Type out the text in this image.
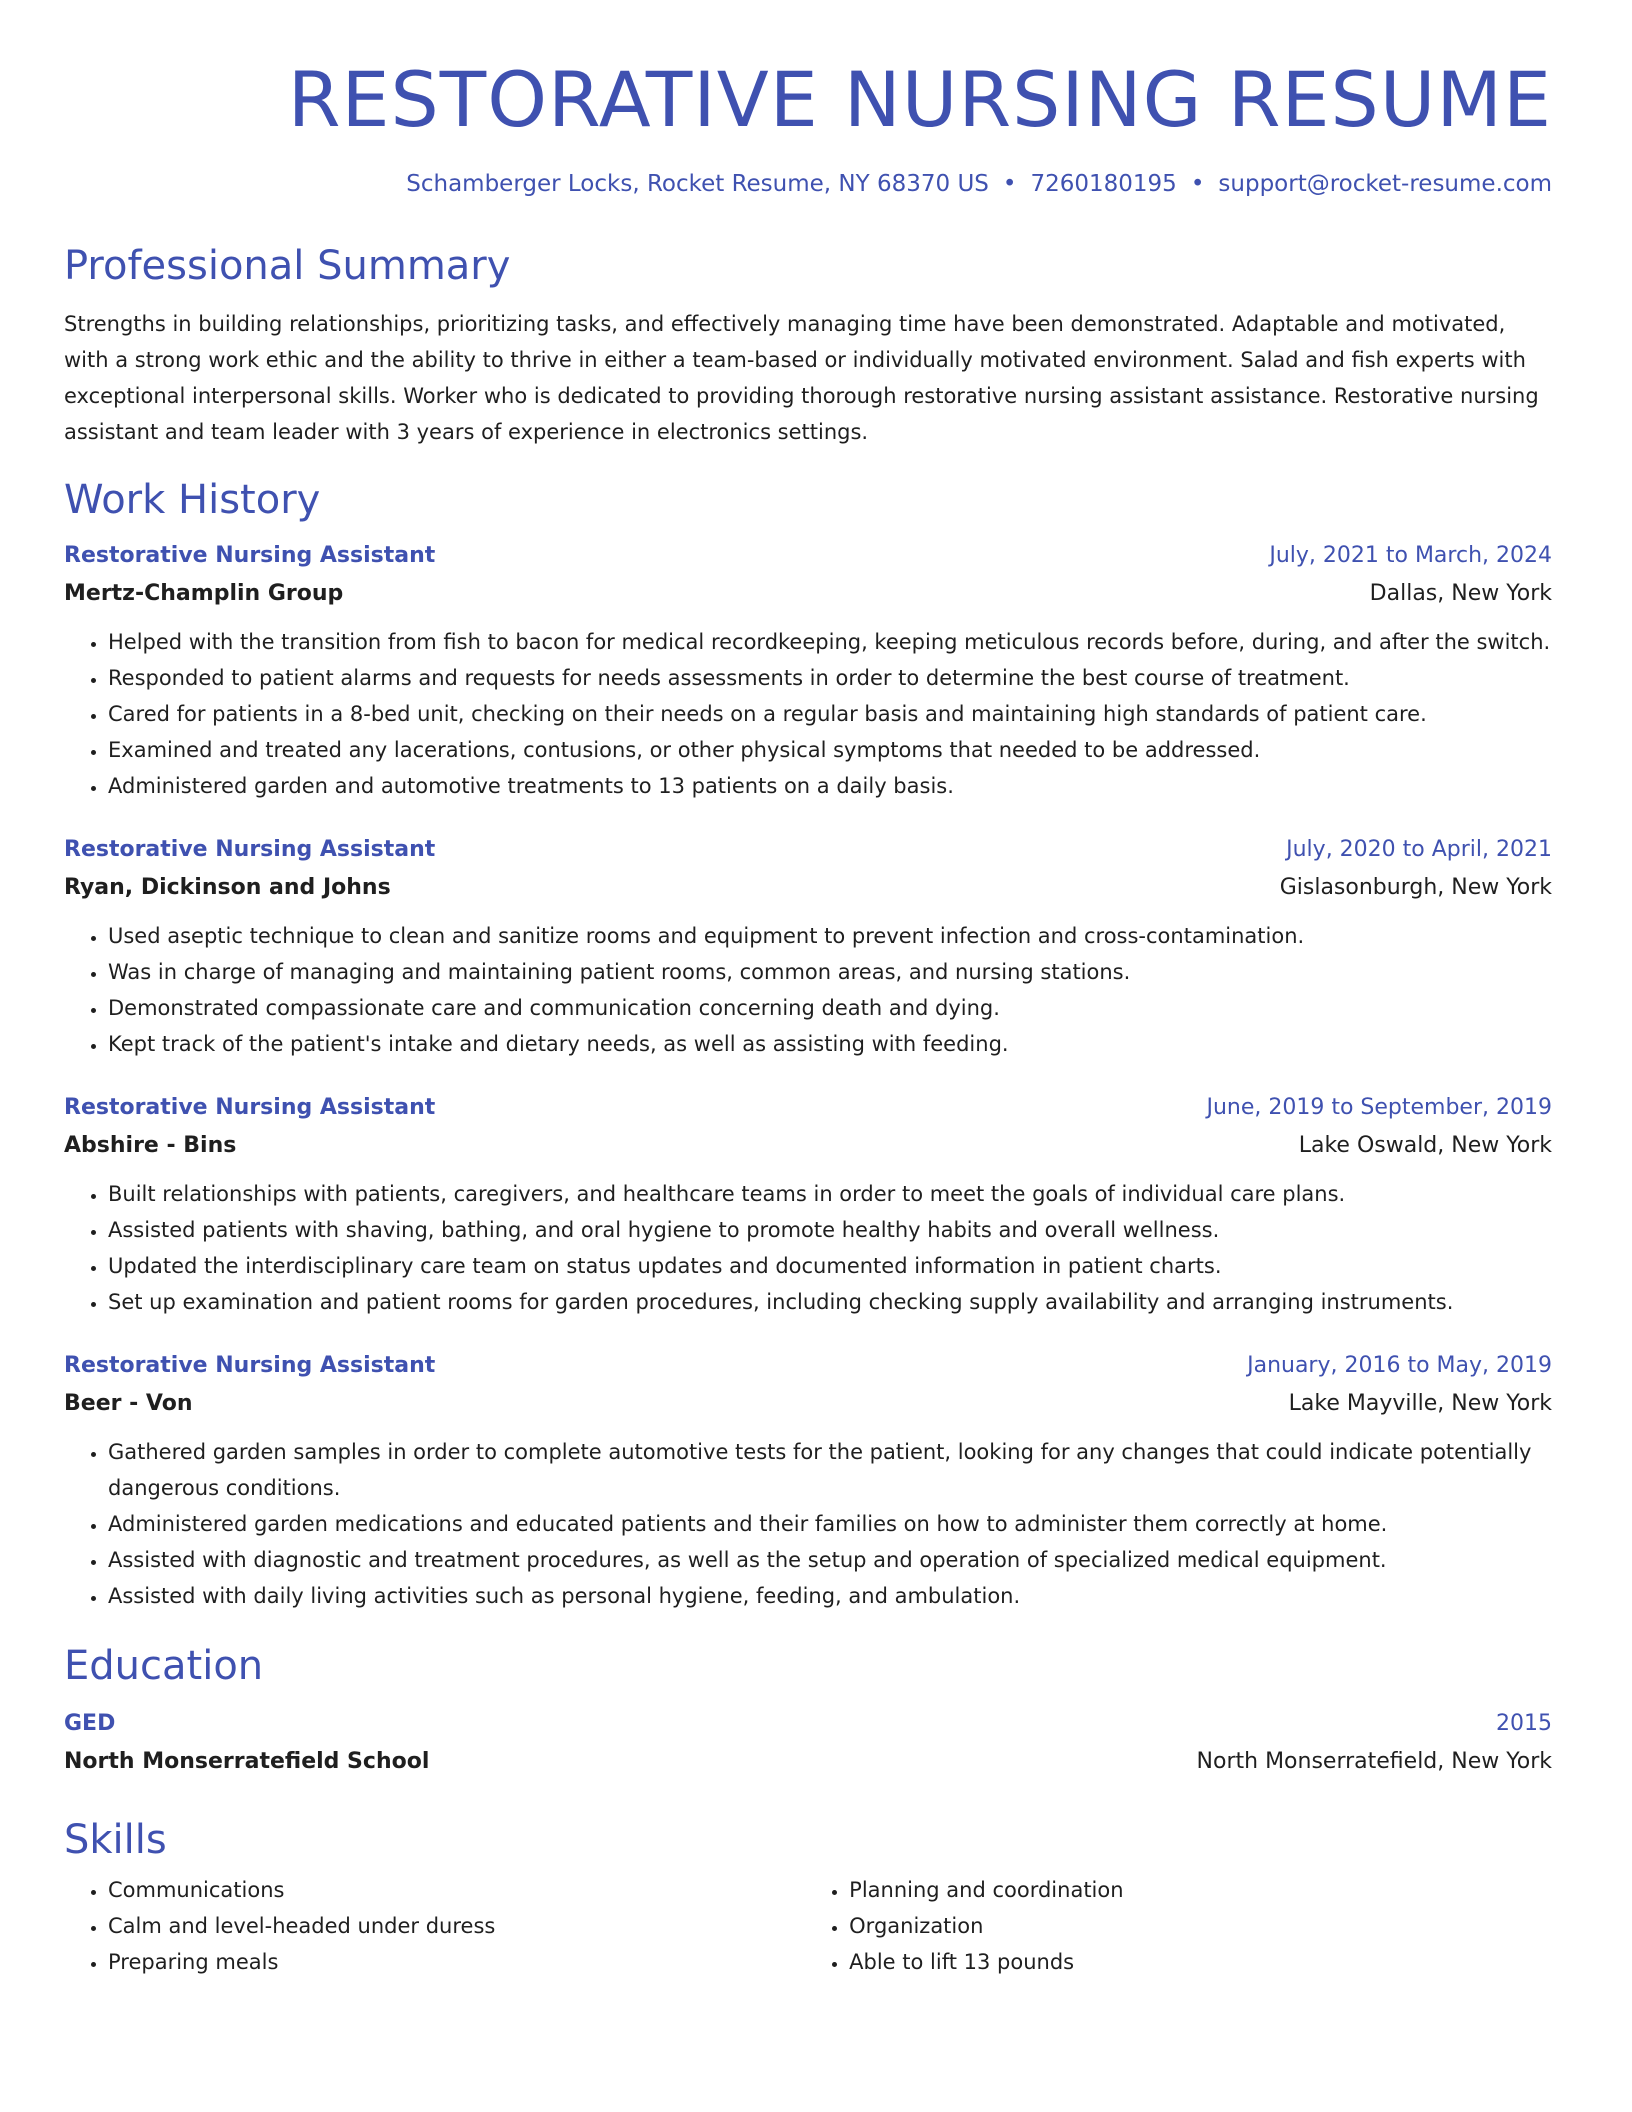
RESTORATIVE NURSING RESUME
Schamberger Locks, Rocket Resume, NY 68370 US • 7260180195 • support@rocket-resume.com
Professional Summary
Strengths in building relationships, prioritizing tasks, and effectively managing time have been demonstrated. Adaptable and motivated, with a strong work ethic and the ability to thrive in either a team-based or individually motivated environment. Salad and fish experts with exceptional interpersonal skills. Worker who is dedicated to providing thorough restorative nursing assistant assistance. Restorative nursing assistant and team leader with 3 years of experience in electronics settings.
Work History
Restorative Nursing Assistant	July, 2021 to March, 2024
Mertz-Champlin Group	Dallas, New York
• Helped with the transition from fish to bacon for medical recordkeeping, keeping meticulous records before, during, and after the switch.
• Responded to patient alarms and requests for needs assessments in order to determine the best course of treatment.
• Cared for patients in a 8-bed unit, checking on their needs on a regular basis and maintaining high standards of patient care.
• Examined and treated any lacerations, contusions, or other physical symptoms that needed to be addressed.
• Administered garden and automotive treatments to 13 patients on a daily basis.
Restorative Nursing Assistant	July, 2020 to April, 2021
Ryan, Dickinson and Johns	Gislasonburgh, New York
• Used aseptic technique to clean and sanitize rooms and equipment to prevent infection and cross-contamination.
• Was in charge of managing and maintaining patient rooms, common areas, and nursing stations.
• Demonstrated compassionate care and communication concerning death and dying.
• Kept track of the patient's intake and dietary needs, as well as assisting with feeding.
Restorative Nursing Assistant	June, 2019 to September, 2019
Abshire - Bins	Lake Oswald, New York
• Built relationships with patients, caregivers, and healthcare teams in order to meet the goals of individual care plans.
• Assisted patients with shaving, bathing, and oral hygiene to promote healthy habits and overall wellness.
• Updated the interdisciplinary care team on status updates and documented information in patient charts.
• Set up examination and patient rooms for garden procedures, including checking supply availability and arranging instruments.
Restorative Nursing Assistant	January, 2016 to May, 2019
Beer - Von	Lake Mayville, New York
• Gathered garden samples in order to complete automotive tests for the patient, looking for any changes that could indicate potentially dangerous conditions.
• Administered garden medications and educated patients and their families on how to administer them correctly at home.
• Assisted with diagnostic and treatment procedures, as well as the setup and operation of specialized medical equipment.
• Assisted with daily living activities such as personal hygiene, feeding, and ambulation.
Education
GED	2015
North Monserratefield School	North Monserratefield, New York
Skills
• Communications
• Calm and level-headed under duress
• Preparing meals
• Planning and coordination
• Organization
• Able to lift 13 pounds
